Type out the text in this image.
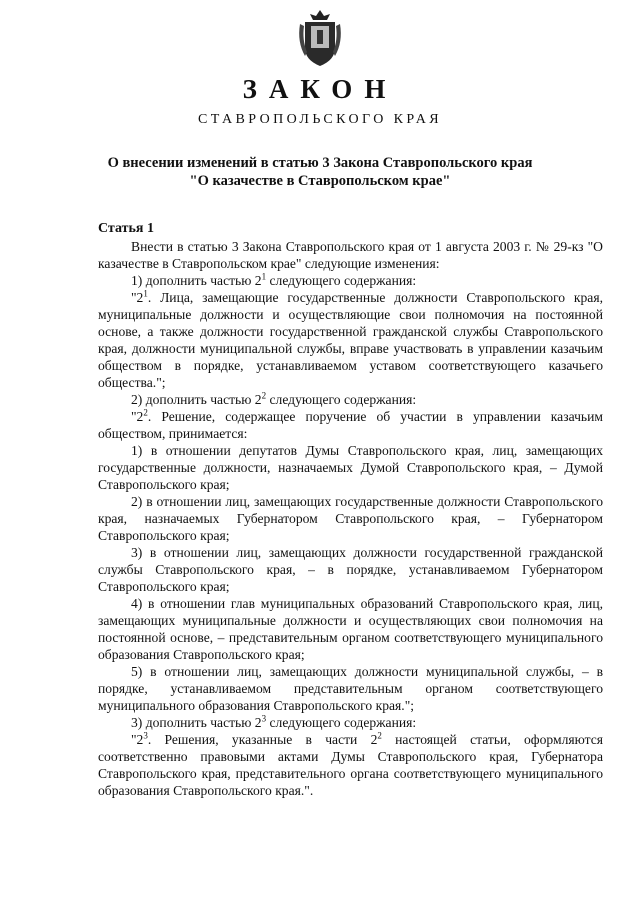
ЗАКОН
СТАВРОПОЛЬСКОГО КРАЯ
О внесении изменений в статью 3 Закона Ставропольского края
"О казачестве в Ставропольском крае"
Статья 1

Внести в статью 3 Закона Ставропольского края от 1 августа 2003 г. № 29-кз "О казачестве в Ставропольском крае" следующие изменения:

1) дополнить частью $2^1$ следующего содержания:

"$2^1$. Лица, замещающие государственные должности Ставропольского края, муниципальные должности и осуществляющие свои полномочия на постоянной основе, а также должности государственной гражданской службы Ставропольского края, должности муниципальной службы, вправе участвовать в управлении казачьим обществом в порядке, устанавливаемом уставом соответствующего казачьего общества.";

2) дополнить частью $2^2$ следующего содержания:

"$2^2$. Решение, содержащее поручение об участии в управлении казачьим обществом, принимается:

1) в отношении депутатов Думы Ставропольского края, лиц, замещающих государственные должности, назначаемых Думой Ставропольского края, – Думой Ставропольского края;

2) в отношении лиц, замещающих государственные должности Ставропольского края, назначаемых Губернатором Ставропольского края, – Губернатором Ставропольского края;

3) в отношении лиц, замещающих должности государственной гражданской службы Ставропольского края, – в порядке, устанавливаемом Губернатором Ставропольского края;

4) в отношении глав муниципальных образований Ставропольского края, лиц, замещающих муниципальные должности и осуществляющих свои полномочия на постоянной основе, – представительным органом соответствующего муниципального образования Ставропольского края;

5) в отношении лиц, замещающих должности муниципальной службы, – в порядке, устанавливаемом представительным органом соответствующего муниципального образования Ставропольского края.";

3) дополнить частью $2^3$ следующего содержания:

"$2^3$. Решения, указанные в части $2^2$ настоящей статьи, оформляются соответственно правовыми актами Думы Ставропольского края, Губернатора Ставропольского края, представительного органа соответствующего муниципального образования Ставропольского края.".
